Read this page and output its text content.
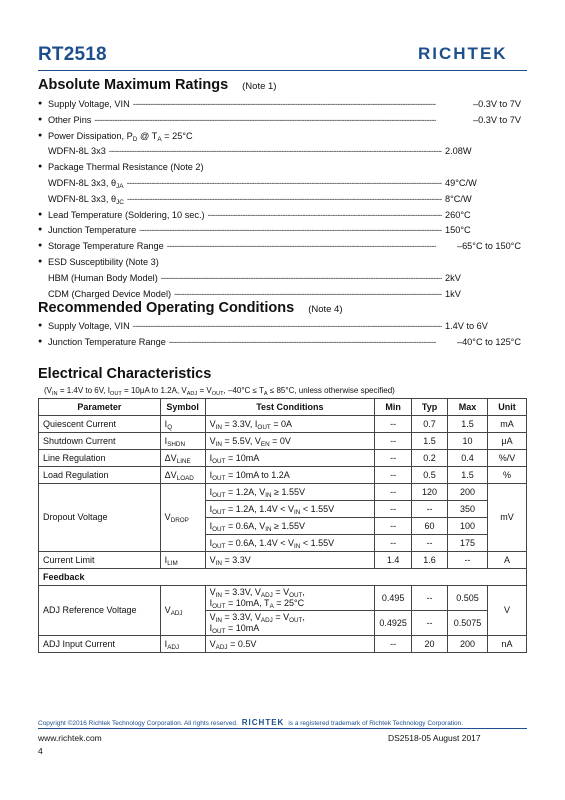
RT2518	RICHTEK
Absolute Maximum Ratings (Note 1)
● Supply Voltage, VIN -----	–0.3V to 7V
● Other Pins -----	–0.3V to 7V
● Power Dissipation, $P_D$ @ $T_A = 25^\circ C$
WDFN-8L 3x3 -----	2.08W
● Package Thermal Resistance (Note 2)
WDFN-8L 3x3, $\theta_{JA}$ -----	49°C/W
WDFN-8L 3x3, $\theta_{JC}$ -----	8°C/W
● Lead Temperature (Soldering, 10 sec.) -----	260°C
● Junction Temperature -----	150°C
● Storage Temperature Range -----	–65°C to 150°C
● ESD Susceptibility (Note 3)
HBM (Human Body Model) -----	2kV
CDM (Charged Device Model) -----	1kV
Recommended Operating Conditions (Note 4)
● Supply Voltage, VIN -----	1.4V to 6V
● Junction Temperature Range -----	–40°C to 125°C
Electrical Characteristics
($V_{IN} = 1.4V$ to 6V, $I_{OUT} = 10\mu A$ to 1.2A, $V_{ADJ} = V_{OUT}$, $-40^\circ C \le T_A \le 85^\circ C$, unless otherwise specified)
Parameter	Symbol	Test Conditions	Min	Typ	Max	Unit
Quiescent Current	$I_Q$	$V_{IN} = 3.3V$, $I_{OUT} = 0A$	--	0.7	1.5	mA
Shutdown Current	$I_{SHDN}$	$V_{IN} = 5.5V$, $V_{EN} = 0V$	--	1.5	10	μA
Line Regulation	$\Delta V_{LINE}$	$I_{OUT} = 10mA$	--	0.2	0.4	%/V
Load Regulation	$\Delta V_{LOAD}$	$I_{OUT} = 10mA$ to 1.2A	--	0.5	1.5	%
Dropout Voltage	$V_{DROP}$	$I_{OUT} = 1.2A$, $V_{IN} \ge 1.55V$	--	120	200	mV
		$I_{OUT} = 1.2A$, $1.4V < V_{IN} < 1.55V$	--	--	350	
		$I_{OUT} = 0.6A$, $V_{IN} \ge 1.55V$	--	60	100	
		$I_{OUT} = 0.6A$, $1.4V < V_{IN} < 1.55V$	--	--	175	
Current Limit	$I_{LIM}$	$V_{IN} = 3.3V$	1.4	1.6	--	A
Feedback						
ADJ Reference Voltage	$V_{ADJ}$	$V_{IN} = 3.3V$, $V_{ADJ} = V_{OUT}$,
$I_{OUT} = 10mA$, $T_A = 25^\circ C$	0.495	--	0.505	V
		$V_{IN} = 3.3V$, $V_{ADJ} = V_{OUT}$,
$I_{OUT} = 10mA$	0.4925	--	0.5075	
ADJ Input Current	$I_{ADJ}$	$V_{ADJ} = 0.5V$	--	20	200	nA
Copyright ©2016 Richtek Technology Corporation. All rights reserved. RICHTEK is a registered trademark of Richtek Technology Corporation.
www.richtek.com
4
DS2518-05 August 2017
